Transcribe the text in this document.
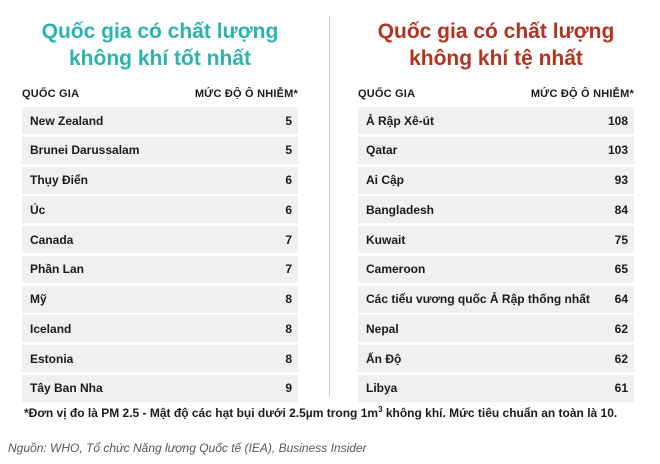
Quốc gia có chất lượng
không khí tốt nhất
QUỐC GIA	MỨC ĐỘ Ô NHIỄM*
New Zealand	5
Brunei Darussalam	5
Thụy Điển	6
Úc	6
Canada	7
Phần Lan	7
Mỹ	8
Iceland	8
Estonia	8
Tây Ban Nha	9
Quốc gia có chất lượng
không khí tệ nhất
QUỐC GIA	MỨC ĐỘ Ô NHIỄM*
Ả Rập Xê-út	108
Qatar	103
Ai Cập	93
Bangladesh	84
Kuwait	75
Cameroon	65
Các tiểu vương quốc Ả Rập thống nhất 64
Nepal	62
Ấn Độ	62
Libya	61
*Đơn vị đo là PM 2.5 - Mật độ các hạt bụi dưới 2.5µm trong $1m^3$ không khí. Mức tiêu chuẩn an toàn là 10.
Nguồn: WHO, Tổ chức Năng lượng Quốc tế (IEA), Business Insider
